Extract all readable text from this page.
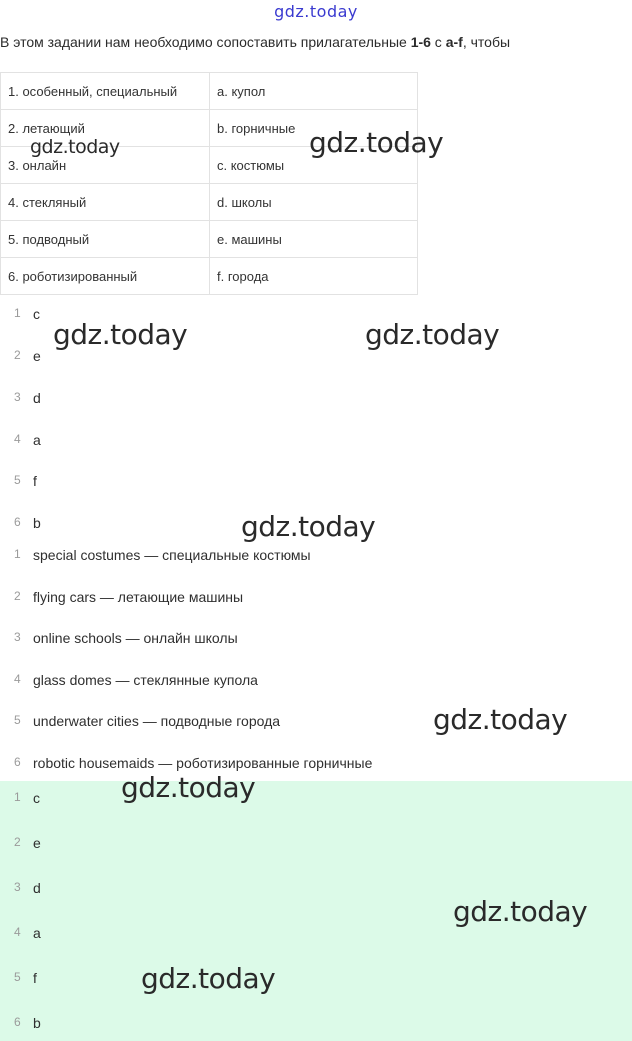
gdz.today
В этом задании нам необходимо сопоставить прилагательные 1-6 с a-f, чтобы
1. особенный, специальный	a. купол
2. летающий	b. горничные
3. онлайн	c. костюмы
4. стекляный	d. школы
5. подводный	e. машины
6. роботизированный	f. города
1 c
2 e
3 d
4 a
5 f
6 b
1 special costumes — специальные костюмы
2 flying cars — летающие машины
3 online schools — онлайн школы
4 glass domes — стеклянные купола
5 underwater cities — подводные города
6 robotic housemaids — роботизированные горничные
1 c
2 e
3 d
4 a
5 f
6 b
gdz.today	gdz.today
gdz.today	gdz.today
gdz.today
gdz.today
gdz.today
gdz.today
gdz.today
